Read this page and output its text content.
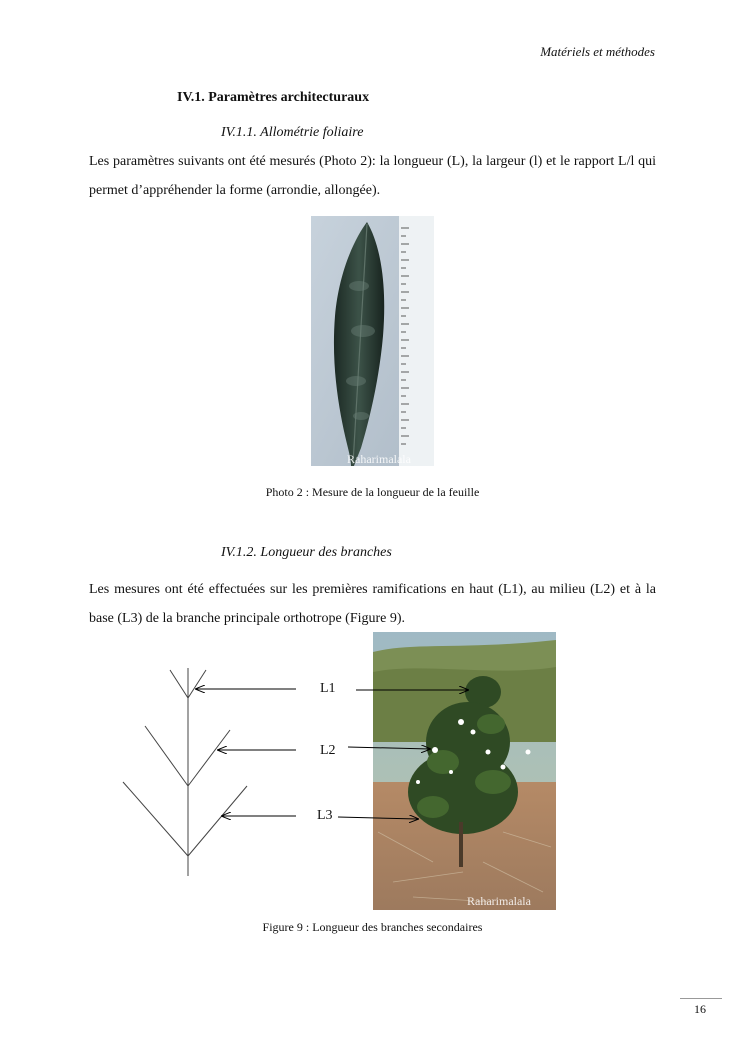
Matériels et méthodes
IV.1. Paramètres architecturaux
IV.1.1. Allométrie foliaire
Les paramètres suivants ont été mesurés (Photo 2): la longueur (L), la largeur (l) et le rapport L/l qui permet d’appréhender la forme (arrondie, allongée).
Raharimalala
Photo 2 : Mesure de la longueur de la feuille
IV.1.2. Longueur des branches
Les mesures ont été effectuées sur les premières ramifications en haut (L1), au milieu (L2) et à la base (L3) de la branche principale orthotrope (Figure 9).
L1
L2
L3
Raharimalala
Figure 9 : Longueur des branches secondaires
16
